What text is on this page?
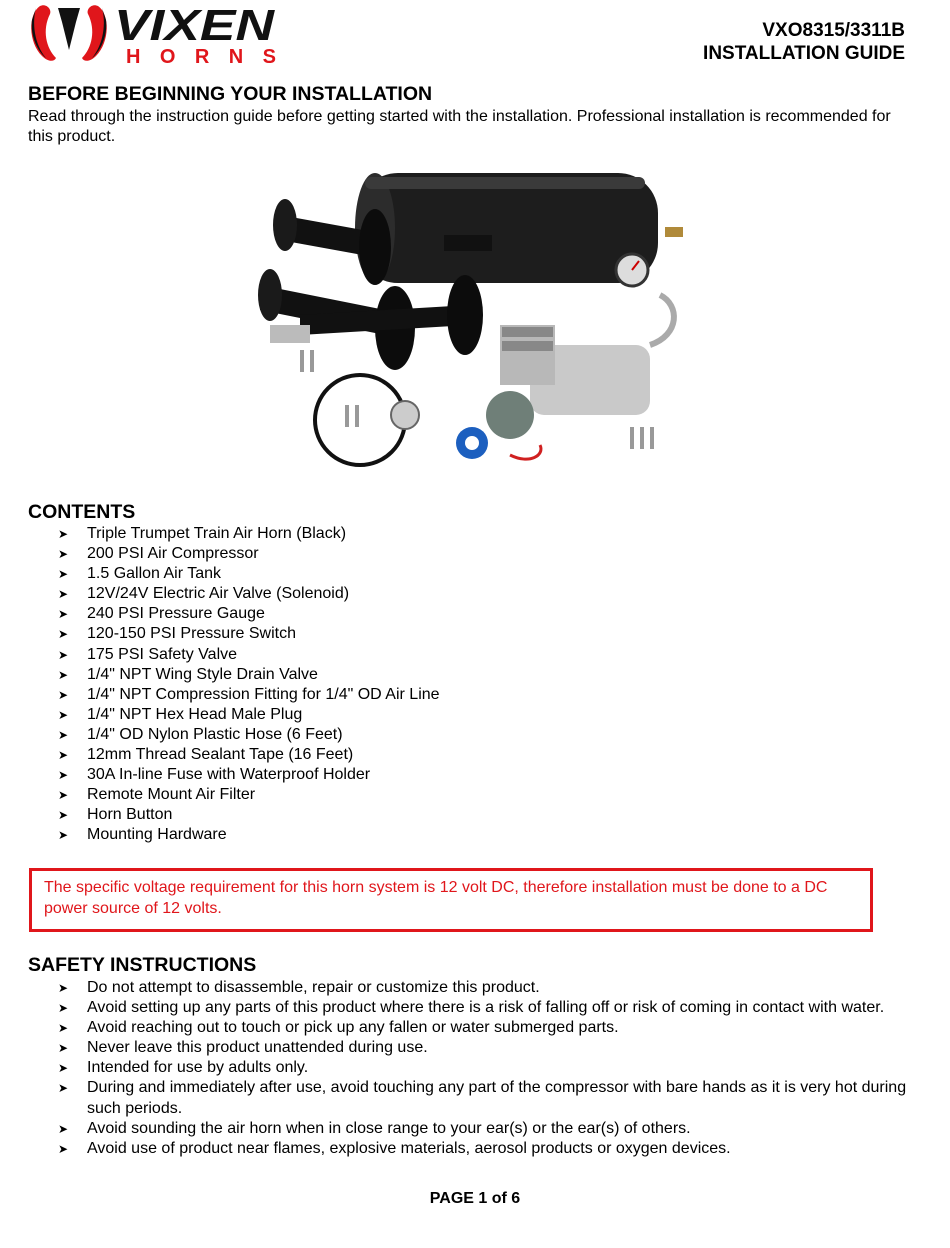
VIXEN
HORNS
VXO8315/3311B
INSTALLATION GUIDE
BEFORE BEGINNING YOUR INSTALLATION
Read through the instruction guide before getting started with the installation. Professional installation is recommended for this product.
CONTENTS
➤ Triple Trumpet Train Air Horn (Black)
➤ 200 PSI Air Compressor
➤ 1.5 Gallon Air Tank
➤ 12V/24V Electric Air Valve (Solenoid)
➤ 240 PSI Pressure Gauge
➤ 120-150 PSI Pressure Switch
➤ 175 PSI Safety Valve
➤ 1/4" NPT Wing Style Drain Valve
➤ 1/4" NPT Compression Fitting for 1/4" OD Air Line
➤ 1/4" NPT Hex Head Male Plug
➤ 1/4" OD Nylon Plastic Hose (6 Feet)
➤ 12mm Thread Sealant Tape (16 Feet)
➤ 30A In-line Fuse with Waterproof Holder
➤ Remote Mount Air Filter
➤ Horn Button
➤ Mounting Hardware
The specific voltage requirement for this horn system is 12 volt DC, therefore installation must be done to a DC power source of 12 volts.
SAFETY INSTRUCTIONS
➤ Do not attempt to disassemble, repair or customize this product.
➤ Avoid setting up any parts of this product where there is a risk of falling off or risk of coming in contact with water.
➤ Avoid reaching out to touch or pick up any fallen or water submerged parts.
➤ Never leave this product unattended during use.
➤ Intended for use by adults only.
➤ During and immediately after use, avoid touching any part of the compressor with bare hands as it is very hot during such periods.
➤ Avoid sounding the air horn when in close range to your ear(s) or the ear(s) of others.
➤ Avoid use of product near flames, explosive materials, aerosol products or oxygen devices.
PAGE 1 of 6
